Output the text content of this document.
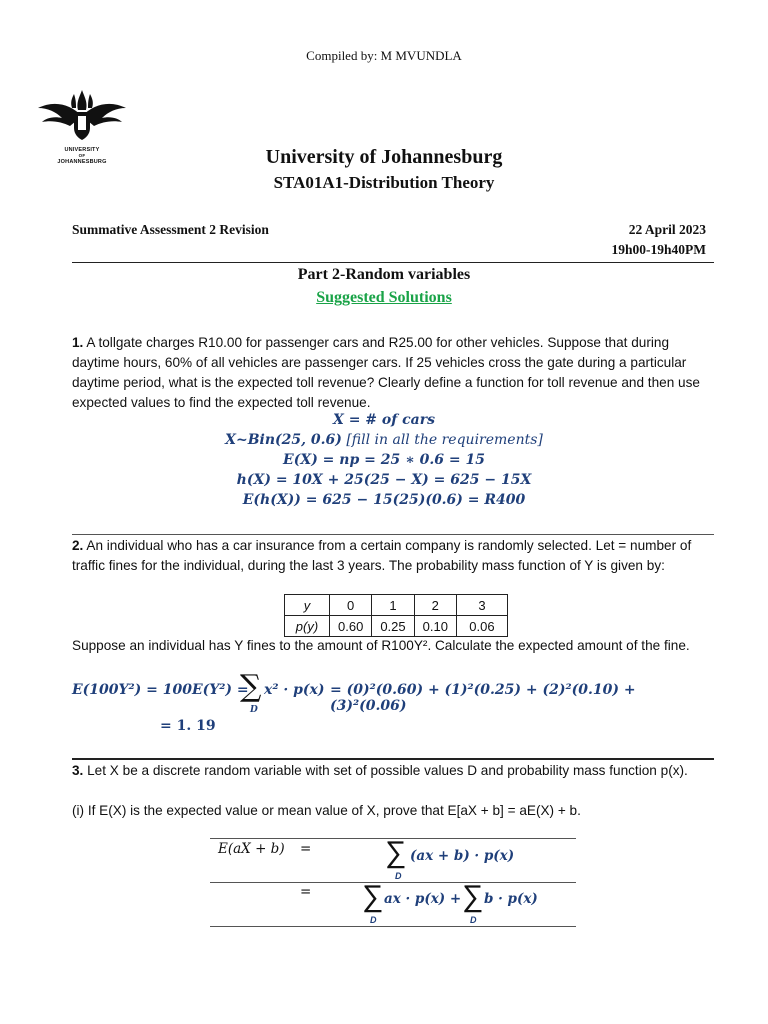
Compiled by: M MVUNDLA
UNIVERSITY
OF
JOHANNESBURG	University of Johannesburg
STA01A1-Distribution Theory
Summative Assessment 2 Revision	22 April 2023
19h00-19h40PM
Part 2-Random variables
Suggested Solutions
1. A tollgate charges R10.00 for passenger cars and R25.00 for other vehicles. Suppose that during daytime hours, 60% of all vehicles are passenger cars. If 25 vehicles cross the gate during a particular daytime period, what is the expected toll revenue? Clearly define a function for toll revenue and then use expected values to find the expected toll revenue.
X = # of cars
X~Bin(25, 0.6) [fill in all the requirements]
E(X) = np = 25 ∗ 0.6 = 15
h(X) = 10X + 25(25 − X) = 625 − 15X
E(h(X)) = 625 − 15(25)(0.6) = R400
2. An individual who has a car insurance from a certain company is randomly selected. Let = number of traffic fines for the individual, during the last 3 years. The probability mass function of Y is given by:
y	0	1	2	3
p(y)	0.60	0.25	0.10	0.06
Suppose an individual has Y fines to the amount of R100Y². Calculate the expected amount of the fine.
E(100Y²) = 100E(Y²) =
∑
D
x² · p(x) = (0)²(0.60) + (1)²(0.25) + (2)²(0.10) + (3)²(0.06)
= 1. 19
3. Let X be a discrete random variable with set of possible values D and probability mass function p(x).
(i) If E(X) is the expected value or mean value of X, prove that E[aX + b] = aE(X) + b.
E(aX + b) = ∑
D
(ax + b) · p(x)
= ∑
D
ax · p(x) + ∑
D
b · p(x)
